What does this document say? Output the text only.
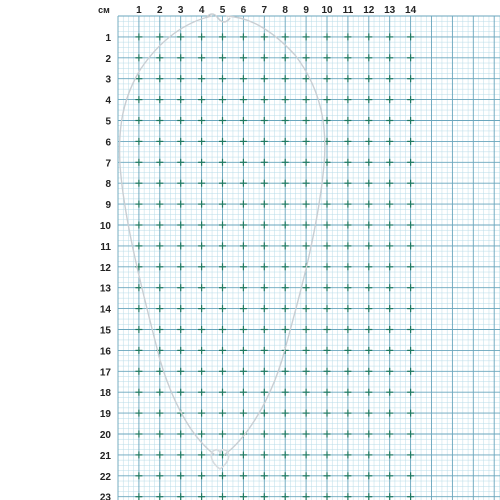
см	1 2 3 4 5 6 7 8 9 10 11 12 13 14
1
2
3
4
5
6
7
8
9
10
11
12
13
14
15
16
17
18
19
20
21
22
23
